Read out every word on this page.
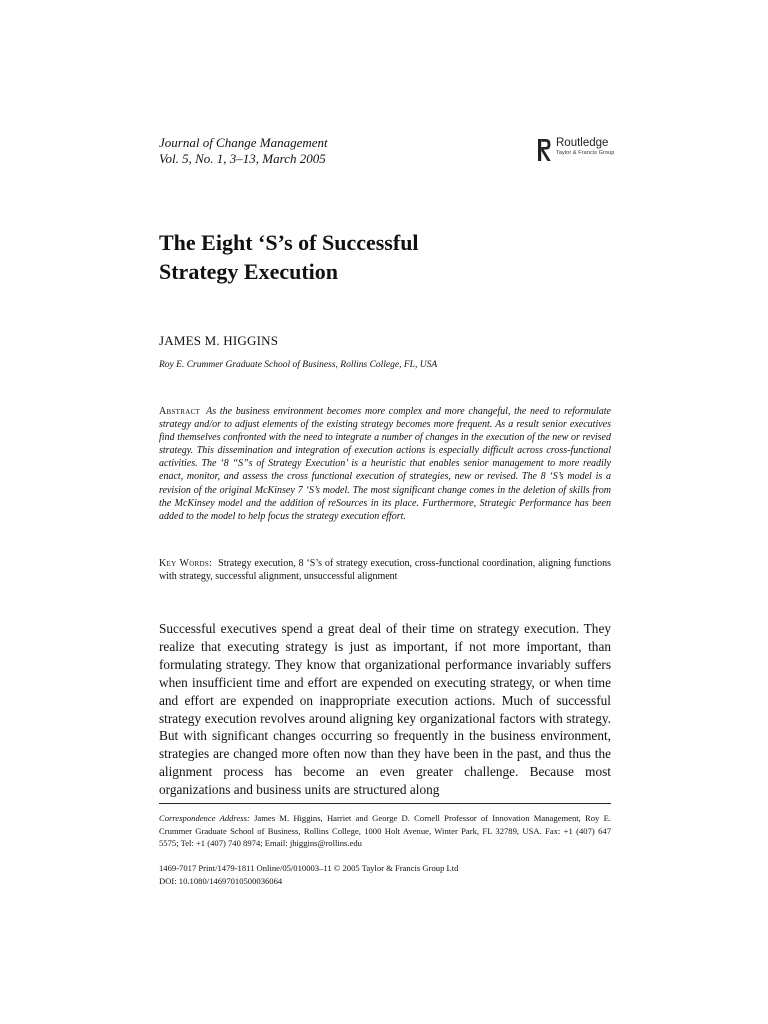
Journal of Change Management
Vol. 5, No. 1, 3–13, March 2005
Routledge
Taylor & Francis Group
The Eight ‘S’s of Successful
Strategy Execution
JAMES M. HIGGINS
Roy E. Crummer Graduate School of Business, Rollins College, FL, USA
Abstract As the business environment becomes more complex and more changeful, the need to reformulate strategy and/or to adjust elements of the existing strategy becomes more frequent. As a result senior executives find themselves confronted with the need to integrate a number of changes in the execution of the new or revised strategy. This dissemination and integration of execution actions is especially difficult across cross-functional activities. The ‘8 “S”s of Strategy Execution’ is a heuristic that enables senior management to more readily enact, monitor, and assess the cross functional execution of strategies, new or revised. The 8 ‘S’s model is a revision of the original McKinsey 7 ‘S’s model. The most significant change comes in the deletion of skills from the McKinsey model and the addition of reSources in its place. Furthermore, Strategic Performance has been added to the model to help focus the strategy execution effort.
Key Words: Strategy execution, 8 ‘S’s of strategy execution, cross-functional coordination, aligning functions with strategy, successful alignment, unsuccessful alignment
Successful executives spend a great deal of their time on strategy execution. They realize that executing strategy is just as important, if not more important, than formulating strategy. They know that organizational performance invariably suffers when insufficient time and effort are expended on executing strategy, or when time and effort are expended on inappropriate execution actions. Much of successful strategy execution revolves around aligning key organizational factors with strategy. But with significant changes occurring so frequently in the business environment, strategies are changed more often now than they have been in the past, and thus the alignment process has become an even greater challenge. Because most organizations and business units are structured along
Correspondence Address: James M. Higgins, Harriet and George D. Cornell Professor of Innovation Management, Roy E. Crummer Graduate School of Business, Rollins College, 1000 Holt Avenue, Winter Park, FL 32789, USA. Fax: +1 (407) 647 5575; Tel: +1 (407) 740 8974; Email: jhiggins@rollins.edu
1469-7017 Print/1479-1811 Online/05/010003–11 © 2005 Taylor & Francis Group Ltd
DOI: 10.1080/14697010500036064
